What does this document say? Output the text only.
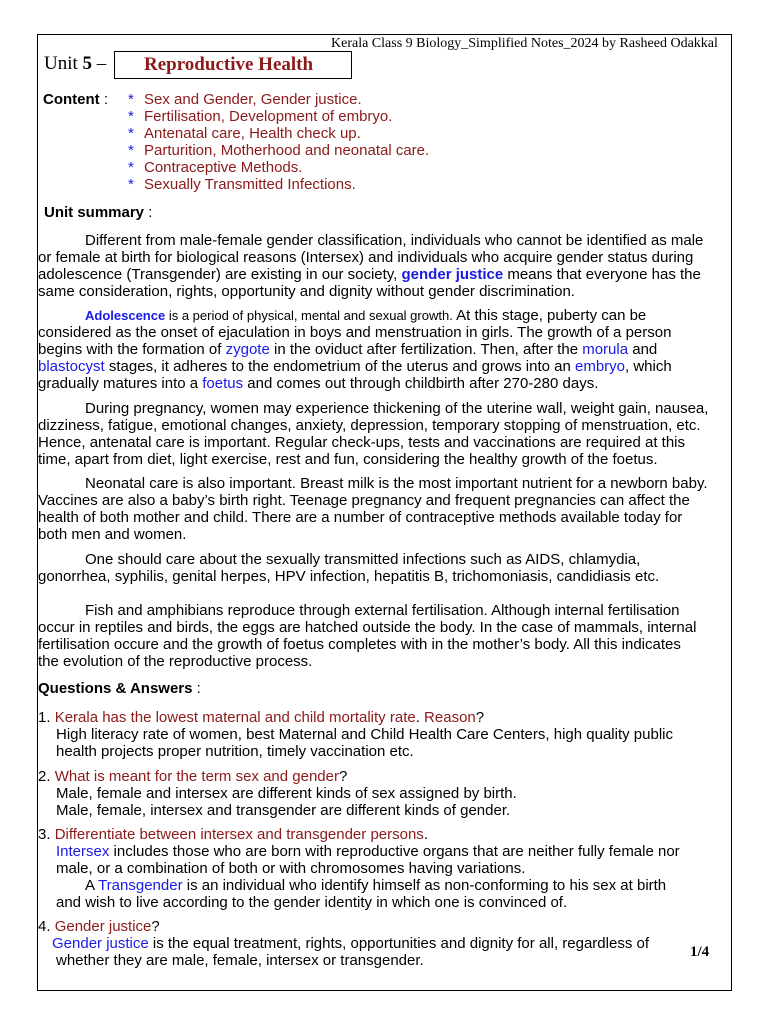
Kerala Class 9 Biology_Simplified Notes_2024 by Rasheed Odakkal
Unit 5 – Reproductive Health
Content : * Sex and Gender, Gender justice.
* Fertilisation, Development of embryo.
* Antenatal care, Health check up.
* Parturition, Motherhood and neonatal care.
* Contraceptive Methods.
* Sexually Transmitted Infections.
Unit summary :
Different from male-female gender classification, individuals who cannot be identified as male
or female at birth for biological reasons (Intersex) and individuals who acquire gender status during
adolescence (Transgender) are existing in our society, gender justice means that everyone has the
same consideration, rights, opportunity and dignity without gender discrimination.
Adolescence is a period of physical, mental and sexual growth. At this stage, puberty can be
considered as the onset of ejaculation in boys and menstruation in girls. The growth of a person
begins with the formation of zygote in the oviduct after fertilization. Then, after the morula and
blastocyst stages, it adheres to the endometrium of the uterus and grows into an embryo, which
gradually matures into a foetus and comes out through childbirth after 270-280 days.
During pregnancy, women may experience thickening of the uterine wall, weight gain, nausea,
dizziness, fatigue, emotional changes, anxiety, depression, temporary stopping of menstruation, etc.
Hence, antenatal care is important. Regular check-ups, tests and vaccinations are required at this
time, apart from diet, light exercise, rest and fun, considering the healthy growth of the foetus.
Neonatal care is also important. Breast milk is the most important nutrient for a newborn baby.
Vaccines are also a baby’s birth right. Teenage pregnancy and frequent pregnancies can affect the
health of both mother and child. There are a number of contraceptive methods available today for
both men and women.
One should care about the sexually transmitted infections such as AIDS, chlamydia,
gonorrhea, syphilis, genital herpes, HPV infection, hepatitis B, trichomoniasis, candidiasis etc.
Fish and amphibians reproduce through external fertilisation. Although internal fertilisation
occur in reptiles and birds, the eggs are hatched outside the body. In the case of mammals, internal
fertilisation occure and the growth of foetus completes with in the mother’s body. All this indicates
the evolution of the reproductive process.
Questions & Answers :
1. Kerala has the lowest maternal and child mortality rate. Reason?
High literacy rate of women, best Maternal and Child Health Care Centers, high quality public
health projects proper nutrition, timely vaccination etc.
2. What is meant for the term sex and gender?
Male, female and intersex are different kinds of sex assigned by birth.
Male, female, intersex and transgender are different kinds of gender.
3. Differentiate between intersex and transgender persons.
Intersex includes those who are born with reproductive organs that are neither fully female nor
male, or a combination of both or with chromosomes having variations.
A Transgender is an individual who identify himself as non-conforming to his sex at birth
and wish to live according to the gender identity in which one is convinced of.
4. Gender justice?
Gender justice is the equal treatment, rights, opportunities and dignity for all, regardless of
whether they are male, female, intersex or transgender.	1/4
